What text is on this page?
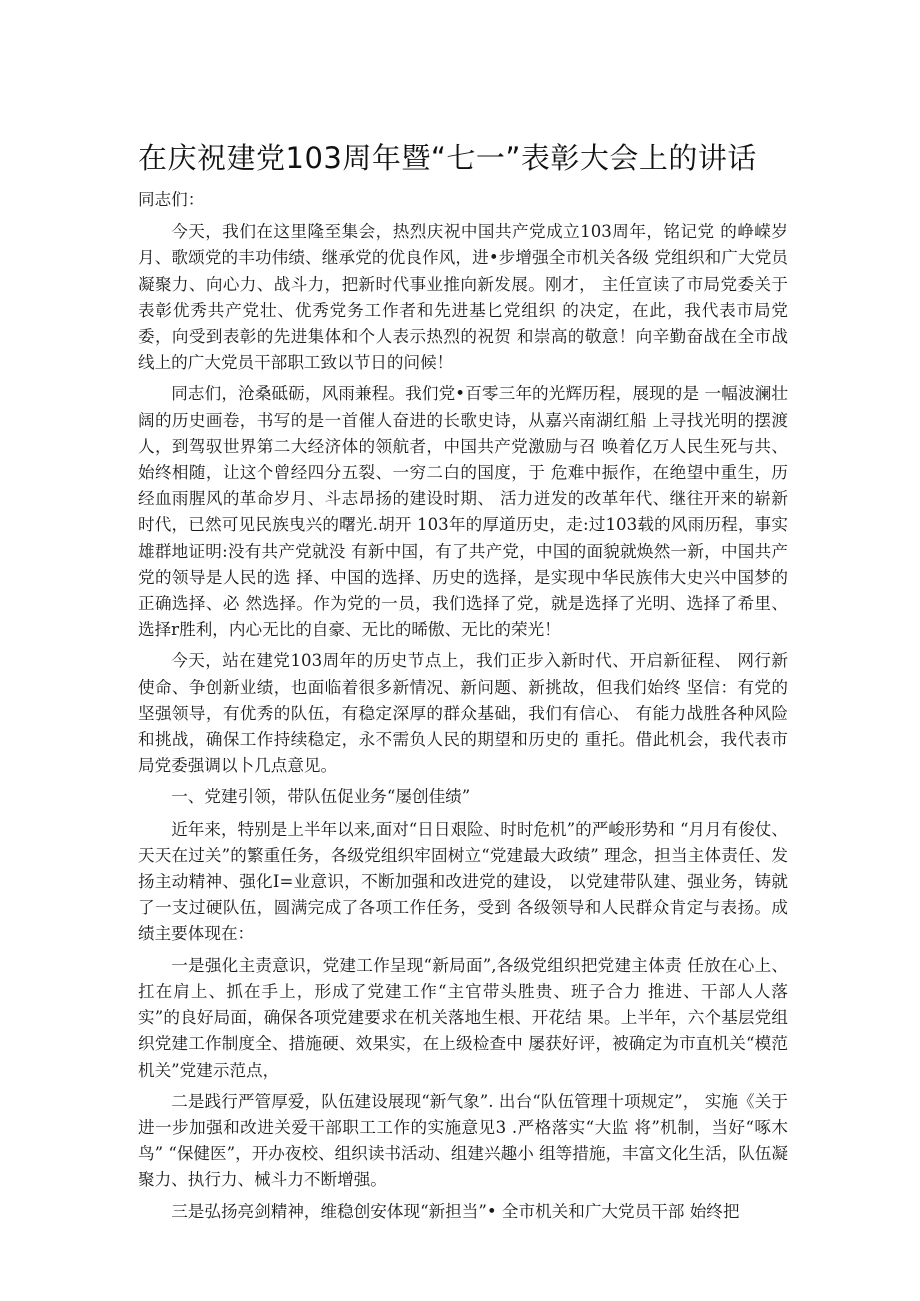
在庆祝建党103周年暨“七一”表彰大会上的讲话

同志们：

今天，我们在这里隆至集会，热烈庆祝中国共产党成立103周年，铭记党 的峥嵘岁月、歌颂党的丰功伟绩、继承党的优良作风，进•步增强全市机关各级 党组织和广大党员凝聚力、向心力、战斗力，把新时代事业推向新发展。刚才， 主任宣读了市局党委关于表彰优秀共产党壮、优秀党务工作者和先进基匕党组织 的决定，在此，我代表市局党委，向受到表彰的先进集体和个人表示热烈的祝贺 和崇高的敬意！向辛勤奋战在全市战线上的广大党员干部职工致以节日的问候！

同志们，沧桑砥砺，风雨兼程。我们党•百零三年的光辉历程，展现的是 一幅波澜壮阔的历史画卷，书写的是一首催人奋进的长歌史诗，从嘉兴南湖红船 上寻找光明的摆渡人，到驾驭世界第二大经济体的领航者，中国共产党激励与召 唤着亿万人民生死与共、始终相随，让这个曾经四分五裂、一穷二白的国度，于 危难中振作，在绝望中重生，历经血雨腥风的革命岁月、斗志昂扬的建设时期、 活力迸发的改革年代、继往开来的崭新时代，已然可见民族曳兴的曙光.胡开 103年的厚道历史，走:过103载的风雨历程，事实雄群地证明:没有共产党就没 有新中国，有了共产党，中国的面貌就焕然一新，中国共产党的领导是人民的选 择、中国的选择、历史的选择，是实现中华民族伟大史兴中国梦的正确选择、必 然选择。作为党的一员，我们选择了党，就是选择了光明、选择了希里、选择r胜利，内心无比的自豪、无比的晞傲、无比的荣光！

今天，站在建党103周年的历史节点上，我们正步入新时代、开启新征程、 网行新使命、争创新业绩，也面临着很多新情况、新问题、新挑故，但我们始终 坚信：有党的坚强领导，有优秀的队伍，有稳定深厚的群众基础，我们有信心、 有能力战胜各种风险和挑战，确保工作持续稳定，永不需负人民的期望和历史的 重托。借此机会，我代表市局党委强调以卜几点意见。

一、党建引领，带队伍促业务“屡创佳绩”

近年来，特别是上半年以来,面对“日日艰险、时时危机”的严峻形势和 “月月有俊仗、天天在过关”的繁重任务，各级党组织牢固树立“党建最大政绩” 理念，担当主体责任、发扬主动精神、强化I=业意识，不断加强和改进党的建设， 以党建带队建、强业务，铸就了一支过硬队伍，圆满完成了各项工作任务，受到 各级领导和人民群众肯定与表扬。成绩主要体现在：

一是强化主责意识，党建工作呈现“新局面”,各级党组织把党建主体责 任放在心上、扛在肩上、抓在手上，形成了党建工作“主官带头胜贵、班子合力 推进、干部人人落实”的良好局面，确保各项党建要求在机关落地生根、开花结 果。上半年，六个基层党组织党建工作制度全、措施硬、效果实，在上级检查中 屡获好评，被确定为市直机关“模范机关”党建示范点，

二是践行严管厚爱，队伍建设展现“新气象”. 出台“队伍管理十项规定”， 实施《关于进一步加强和改进关爱干部职工工作的实施意见3 .严格落实“大监 将”机制，当好“啄木鸟” “保健医”，开办夜校、组织读书活动、组建兴趣小 组等措施，丰富文化生活，队伍凝聚力、执行力、械斗力不断增强。

三是弘扬亮剑精神，维稳创安体现“新担当”• 全市机关和广大党员干部 始终把
